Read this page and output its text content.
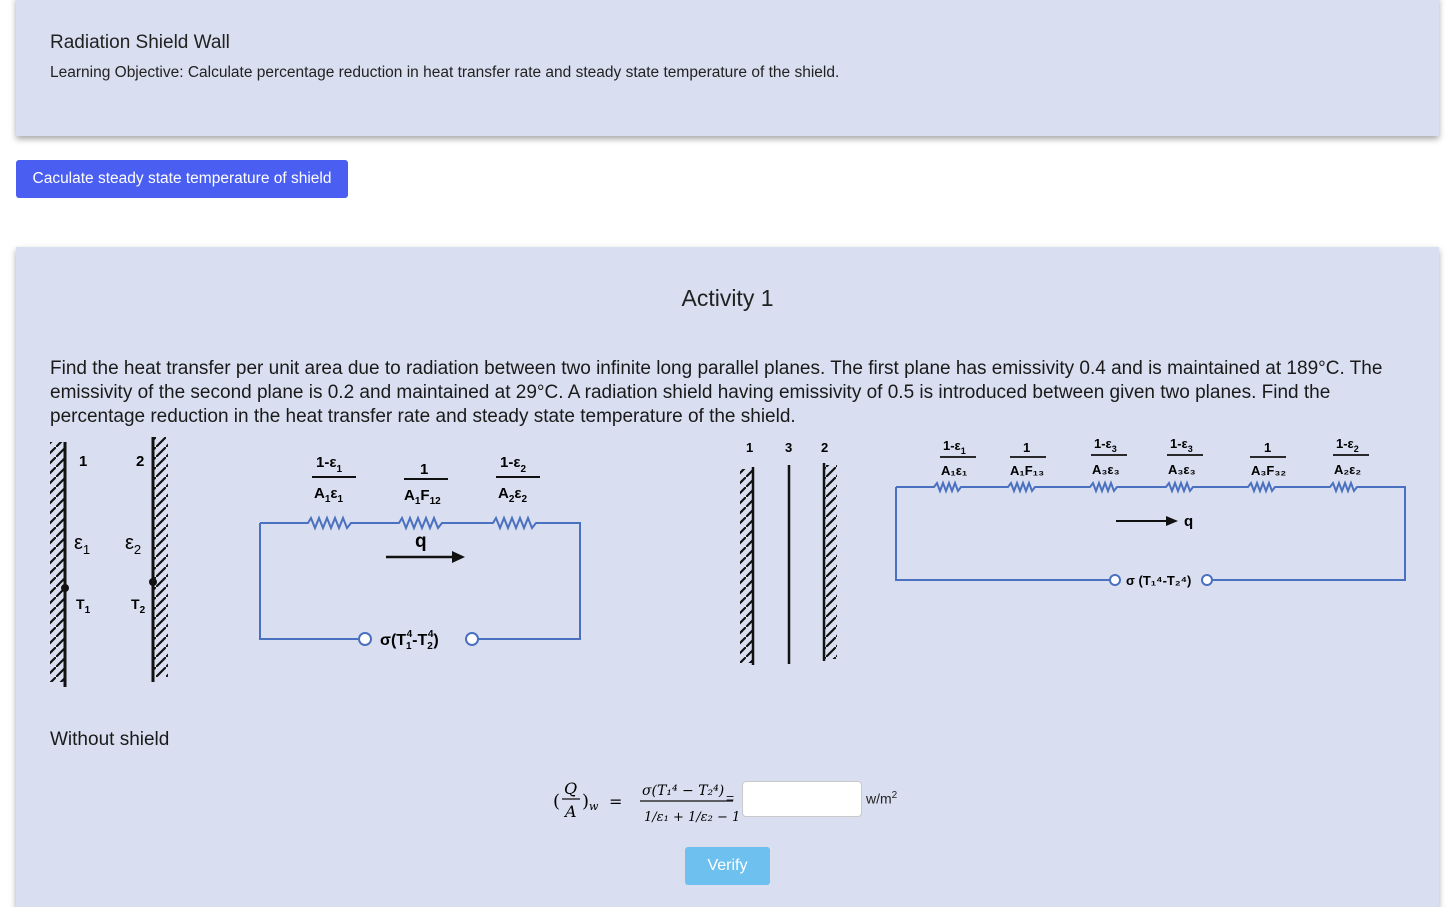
Radiation Shield Wall
Learning Objective: Calculate percentage reduction in heat transfer rate and steady state temperature of the shield.
Caculate steady state temperature of shield
Activity 1
Find the heat transfer per unit area due to radiation between two infinite long parallel planes. The first plane has emissivity 0.4 and is maintained at 189°C. The emissivity of the second plane is 0.2 and maintained at 29°C. A radiation shield having emissivity of 0.5 is introduced between given two planes. Find the percentage reduction in the heat transfer rate and steady state temperature of the shield.
Without shield
1	2
$\varepsilon_1$ $\varepsilon_2$
$T_1$	$T_2$
$1-\varepsilon_1$
$A_1\varepsilon_1$
1
$A_1F_{12}$
$1-\varepsilon_2$
$A_2\varepsilon_2$
q
$\sigma(T_14-T_24)$
1 3 2	$1-\varepsilon_1$
A₁ε₁
1
A₁F₁₃
$1-\varepsilon_3$
A₃ε₃
$1-\varepsilon_3$
A₃ε₃
1
A₃F₃₂
$1-\varepsilon_2$
A₂ε₂
q
σ (T₁⁴-T₂⁴)
(
Q
A ) w =
σ(T₁⁴ − T₂⁴)
1/ε₁ + 1/ε₂ − 1
=	$w/m^2$
Verify
